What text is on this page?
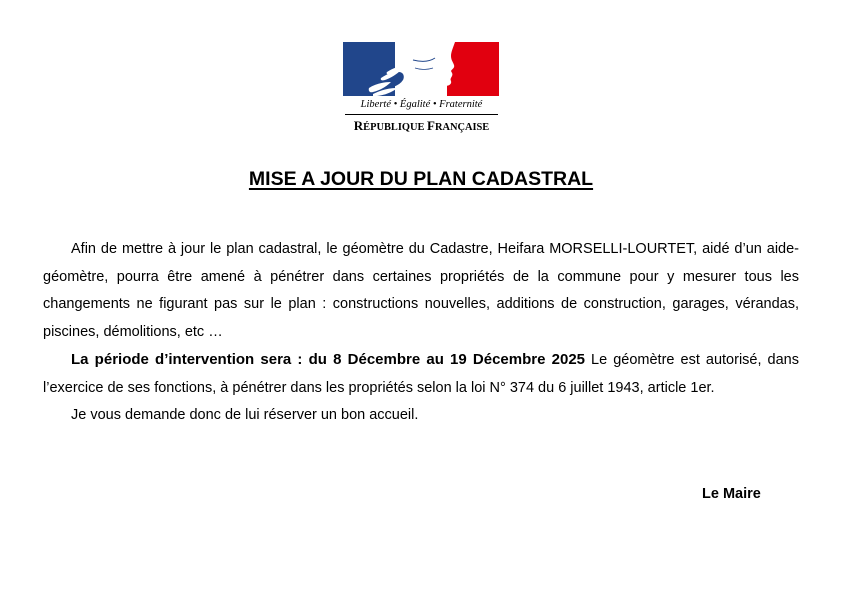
Liberté • Égalité • Fraternité
RÉPUBLIQUE FRANÇAISE
MISE A JOUR DU PLAN CADASTRAL

Afin de mettre à jour le plan cadastral, le géomètre du Cadastre, Heifara MORSELLI-LOURTET, aidé d’un aide-géomètre, pourra être amené à pénétrer dans certaines propriétés de la commune pour y mesurer tous les changements ne figurant pas sur le plan : constructions nouvelles, additions de construction, garages, vérandas, piscines, démolitions, etc …

La période d’intervention sera : du 8 Décembre au 19 Décembre 2025 Le géomètre est autorisé, dans l’exercice de ses fonctions, à pénétrer dans les propriétés selon la loi N° 374 du 6 juillet 1943, article 1er.

Je vous demande donc de lui réserver un bon accueil.

Le Maire
